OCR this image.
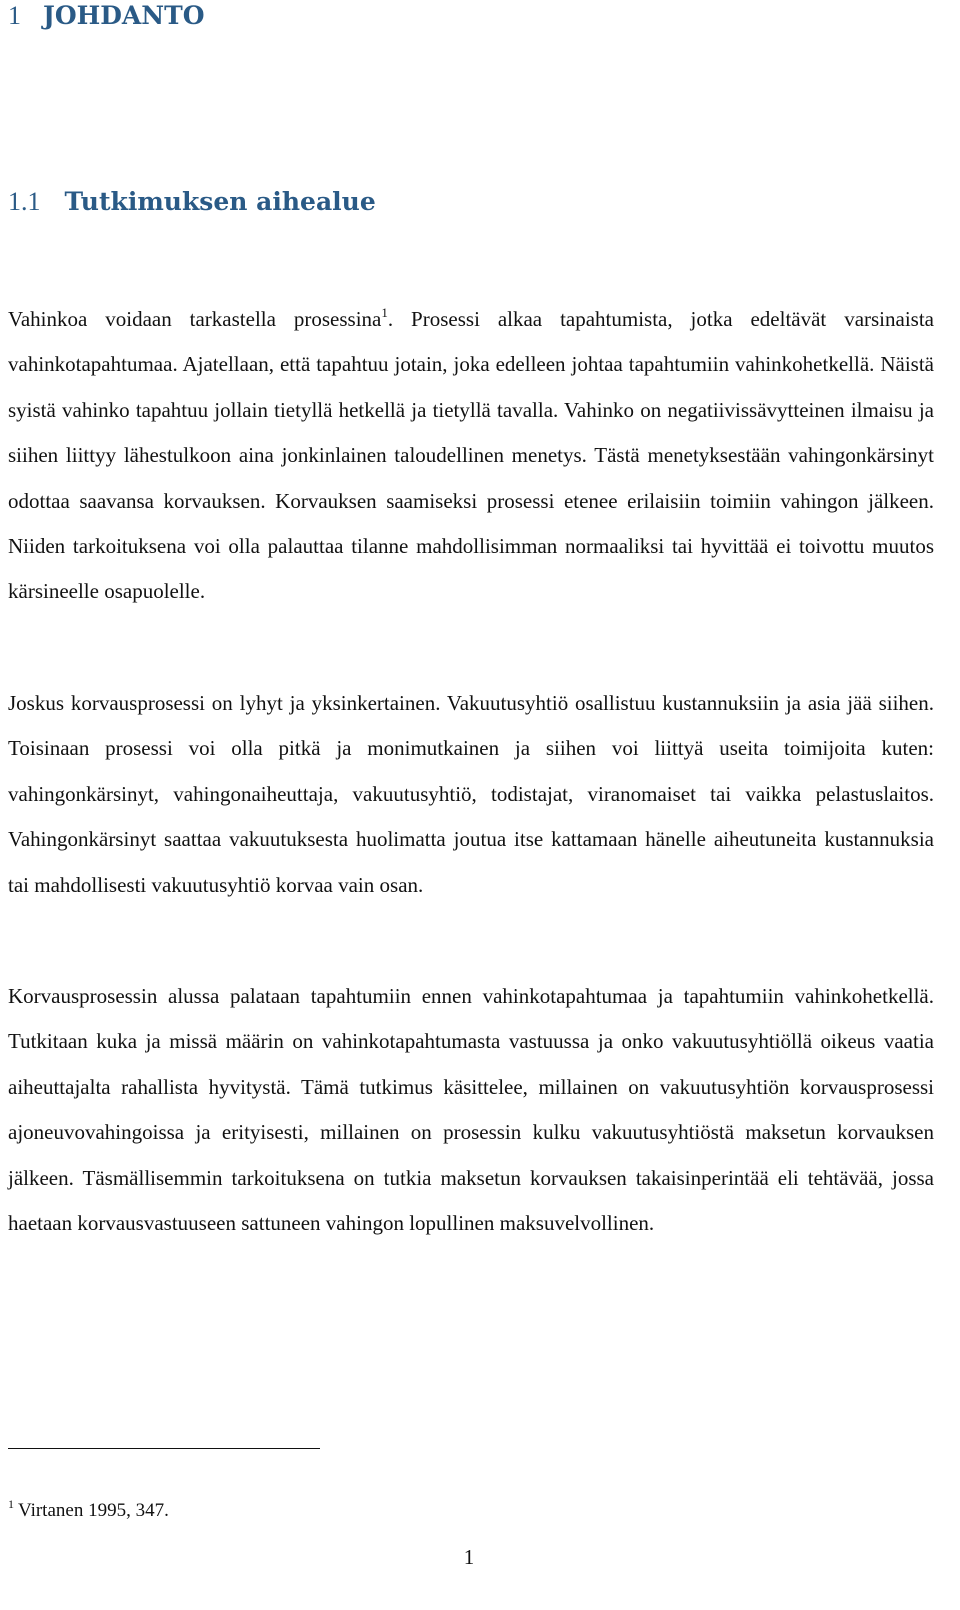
1 JOHDANTO
1.1 Tutkimuksen aihealue

Vahinkoa voidaan tarkastella prosessina$^1$. Prosessi alkaa tapahtumista, jotka edeltävät varsinaista vahinkotapahtumaa. Ajatellaan, että tapahtuu jotain, joka edelleen johtaa tapahtumiin vahinkohetkellä. Näistä syistä vahinko tapahtuu jollain tietyllä hetkellä ja tietyllä tavalla. Vahinko on negatiivissävytteinen ilmaisu ja siihen liittyy lähestulkoon aina jonkinlainen taloudellinen menetys. Tästä menetyksestään vahingonkärsinyt odottaa saavansa korvauksen. Korvauksen saamiseksi prosessi etenee erilaisiin toimiin vahingon jälkeen. Niiden tarkoituksena voi olla palauttaa tilanne mahdollisimman normaaliksi tai hyvittää ei toivottu muutos kärsineelle osapuolelle.

Joskus korvausprosessi on lyhyt ja yksinkertainen. Vakuutusyhtiö osallistuu kustannuksiin ja asia jää siihen. Toisinaan prosessi voi olla pitkä ja monimutkainen ja siihen voi liittyä useita toimijoita kuten: vahingonkärsinyt, vahingonaiheuttaja, vakuutusyhtiö, todistajat, viranomaiset tai vaikka pelastuslaitos. Vahingonkärsinyt saattaa vakuutuksesta huolimatta joutua itse kattamaan hänelle aiheutuneita kustannuksia tai mahdollisesti vakuutusyhtiö korvaa vain osan.

Korvausprosessin alussa palataan tapahtumiin ennen vahinkotapahtumaa ja tapahtumiin vahinkohetkellä. Tutkitaan kuka ja missä määrin on vahinkotapahtumasta vastuussa ja onko vakuutusyhtiöllä oikeus vaatia aiheuttajalta rahallista hyvitystä. Tämä tutkimus käsittelee, millainen on vakuutusyhtiön korvausprosessi ajoneuvovahingoissa ja erityisesti, millainen on prosessin kulku vakuutusyhtiöstä maksetun korvauksen jälkeen. Täsmällisemmin tarkoituksena on tutkia maksetun korvauksen takaisinperintää eli tehtävää, jossa haetaan korvausvastuuseen sattuneen vahingon lopullinen maksuvelvollinen.

$^1$ Virtanen 1995, 347.

1
